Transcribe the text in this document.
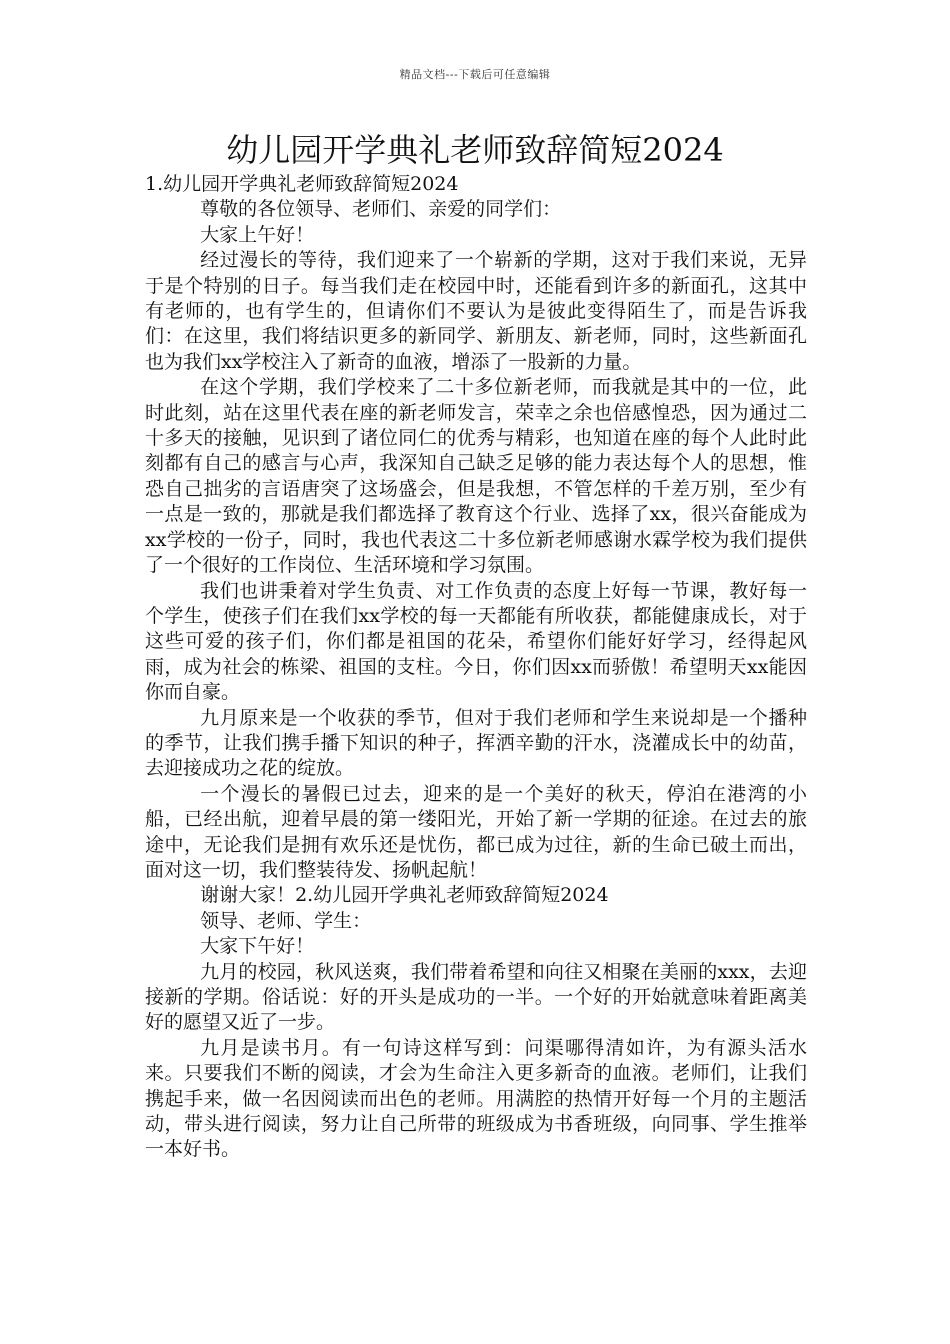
精品文档---下载后可任意编辑
幼儿园开学典礼老师致辞简短2024

1.幼儿园开学典礼老师致辞简短2024

尊敬的各位领导、老师们、亲爱的同学们：

大家上午好！

经过漫长的等待，我们迎来了一个崭新的学期，这对于我们来说，无异于是个特别的日子。每当我们走在校园中时，还能看到许多的新面孔，这其中有老师的，也有学生的，但请你们不要认为是彼此变得陌生了，而是告诉我们：在这里，我们将结识更多的新同学、新朋友、新老师，同时，这些新面孔也为我们xx学校注入了新奇的血液，增添了一股新的力量。

在这个学期，我们学校来了二十多位新老师，而我就是其中的一位，此时此刻，站在这里代表在座的新老师发言，荣幸之余也倍感惶恐，因为通过二十多天的接触，见识到了诸位同仁的优秀与精彩，也知道在座的每个人此时此刻都有自己的感言与心声，我深知自己缺乏足够的能力表达每个人的思想，惟恐自己拙劣的言语唐突了这场盛会，但是我想，不管怎样的千差万别，至少有一点是一致的，那就是我们都选择了教育这个行业、选择了xx，很兴奋能成为xx学校的一份子，同时，我也代表这二十多位新老师感谢水霖学校为我们提供了一个很好的工作岗位、生活环境和学习氛围。

我们也讲秉着对学生负责、对工作负责的态度上好每一节课，教好每一个学生，使孩子们在我们xx学校的每一天都能有所收获，都能健康成长，对于这些可爱的孩子们，你们都是祖国的花朵，希望你们能好好学习，经得起风雨，成为社会的栋梁、祖国的支柱。今日，你们因xx而骄傲！希望明天xx能因你而自豪。

九月原来是一个收获的季节，但对于我们老师和学生来说却是一个播种的季节，让我们携手播下知识的种子，挥洒辛勤的汗水，浇灌成长中的幼苗，去迎接成功之花的绽放。

一个漫长的暑假已过去，迎来的是一个美好的秋天，停泊在港湾的小船，已经出航，迎着早晨的第一缕阳光，开始了新一学期的征途。在过去的旅途中，无论我们是拥有欢乐还是忧伤，都已成为过往，新的生命已破土而出，面对这一切，我们整装待发、扬帆起航！

谢谢大家！2.幼儿园开学典礼老师致辞简短2024

领导、老师、学生：

大家下午好！

九月的校园，秋风送爽，我们带着希望和向往又相聚在美丽的xxx，去迎接新的学期。俗话说：好的开头是成功的一半。一个好的开始就意味着距离美好的愿望又近了一步。

九月是读书月。有一句诗这样写到：问渠哪得清如许，为有源头活水来。只要我们不断的阅读，才会为生命注入更多新奇的血液。老师们，让我们携起手来，做一名因阅读而出色的老师。用满腔的热情开好每一个月的主题活动，带头进行阅读，努力让自己所带的班级成为书香班级，向同事、学生推举一本好书。
